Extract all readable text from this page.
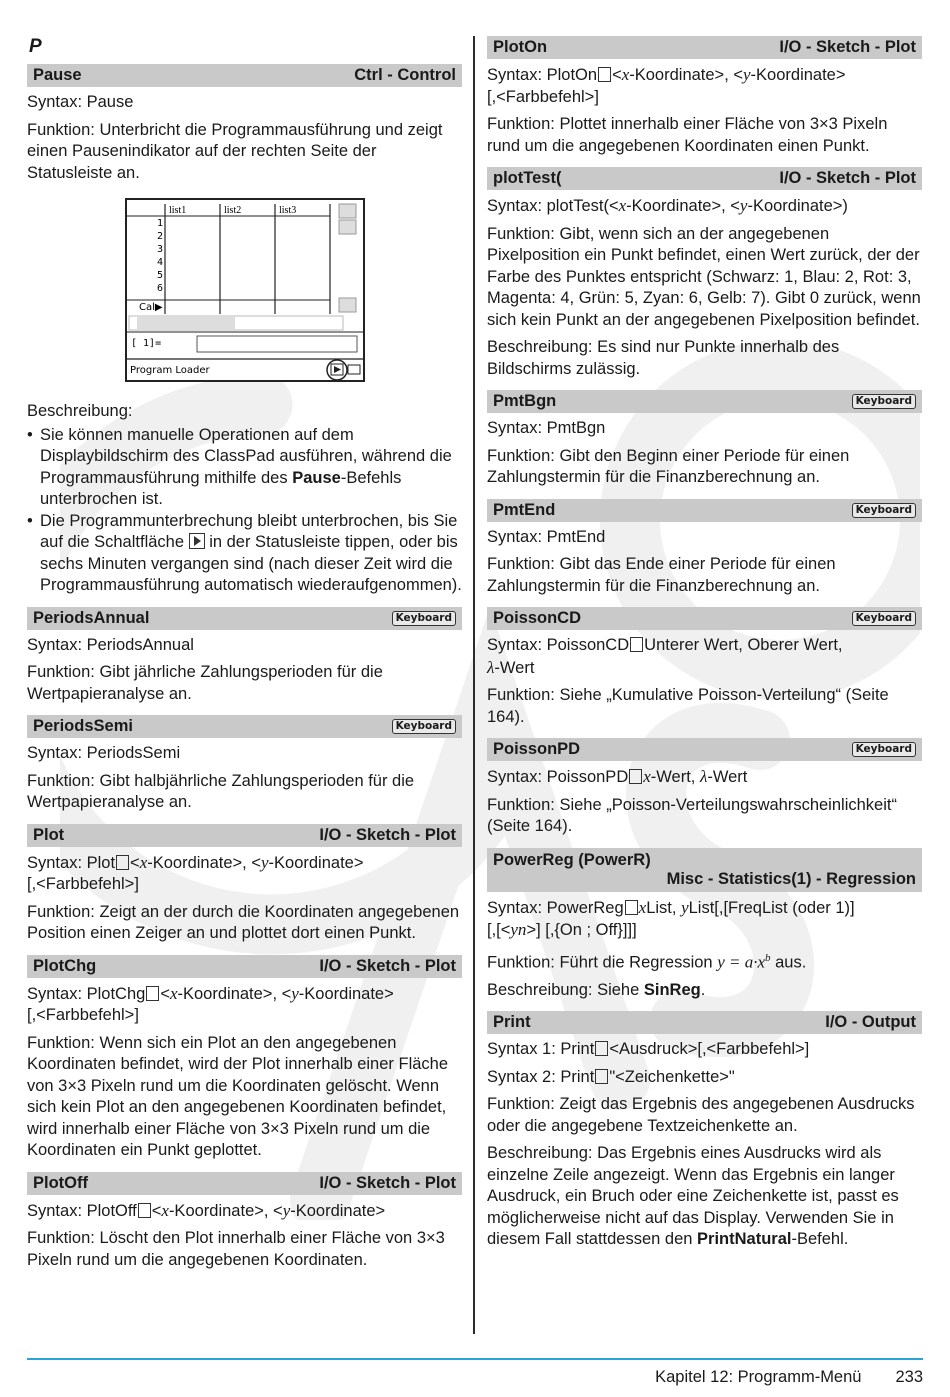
P
Pause	Ctrl - Control

Syntax: Pause

Funktion: Unterbricht die Programmausführung und zeigt einen Pausenindikator auf der rechten Seite der Statusleiste an.

list1	list2	list3
1
2
3
4
5
6
Cal▶
[ 1]=
Program Loader

Beschreibung:

• Sie können manuelle Operationen auf dem Displaybildschirm des ClassPad ausführen, während die Programmausführung mithilfe des Pause-Befehls unterbrochen ist.
• Die Programmunterbrechung bleibt unterbrochen, bis Sie auf die Schaltfläche in der Statusleiste tippen, oder bis sechs Minuten vergangen sind (nach dieser Zeit wird die Programmausführung automatisch wiederaufgenommen).
PeriodsAnnual	Keyboard

Syntax: PeriodsAnnual

Funktion: Gibt jährliche Zahlungsperioden für die Wertpapieranalyse an.

PeriodsSemi	Keyboard

Syntax: PeriodsSemi

Funktion: Gibt halbjährliche Zahlungsperioden für die Wertpapieranalyse an.

Plot	I/O - Sketch - Plot

Syntax: Plot <x-Koordinate>, <y-Koordinate>
[,<Farbbefehl>]

Funktion: Zeigt an der durch die Koordinaten angegebenen Position einen Zeiger an und plottet dort einen Punkt.

PlotChg	I/O - Sketch - Plot

Syntax: PlotChg <x-Koordinate>, <y-Koordinate>
[,<Farbbefehl>]

Funktion: Wenn sich ein Plot an den angegebenen Koordinaten befindet, wird der Plot innerhalb einer Fläche von 3×3 Pixeln rund um die Koordinaten gelöscht. Wenn sich kein Plot an den angegebenen Koordinaten befindet, wird innerhalb einer Fläche von 3×3 Pixeln rund um die Koordinaten ein Punkt geplottet.

PlotOff	I/O - Sketch - Plot

Syntax: PlotOff <x-Koordinate>, <y-Koordinate>

Funktion: Löscht den Plot innerhalb einer Fläche von 3×3 Pixeln rund um die angegebenen Koordinaten.

PlotOn	I/O - Sketch - Plot

Syntax: PlotOn <x-Koordinate>, <y-Koordinate>
[,<Farbbefehl>]

Funktion: Plottet innerhalb einer Fläche von 3×3 Pixeln rund um die angegebenen Koordinaten einen Punkt.

plotTest(	I/O - Sketch - Plot

Syntax: plotTest(<x-Koordinate>, <y-Koordinate>)

Funktion: Gibt, wenn sich an der angegebenen Pixelposition ein Punkt befindet, einen Wert zurück, der der Farbe des Punktes entspricht (Schwarz: 1, Blau: 2, Rot: 3, Magenta: 4, Grün: 5, Zyan: 6, Gelb: 7). Gibt 0 zurück, wenn sich kein Punkt an der angegebenen Pixelposition befindet.

Beschreibung: Es sind nur Punkte innerhalb des Bildschirms zulässig.

PmtBgn	Keyboard

Syntax: PmtBgn

Funktion: Gibt den Beginn einer Periode für einen Zahlungstermin für die Finanzberechnung an.

PmtEnd	Keyboard

Syntax: PmtEnd

Funktion: Gibt das Ende einer Periode für einen Zahlungstermin für die Finanzberechnung an.

PoissonCD	Keyboard

Syntax: PoissonCD Unterer Wert, Oberer Wert,
λ-Wert

Funktion: Siehe „Kumulative Poisson-Verteilung“ (Seite 164).

PoissonPD	Keyboard

Syntax: PoissonPD x-Wert, λ-Wert

Funktion: Siehe „Poisson-Verteilungswahrscheinlichkeit“ (Seite 164).

PowerReg (PowerR)
Misc - Statistics(1) - Regression

Syntax: PowerReg xList, yList[,[FreqList (oder 1)]
[,[<yn>] [,{On ; Off}]]]

Funktion: Führt die Regression $y = a\cdot x^b$ aus.

Beschreibung: Siehe SinReg.

Print	I/O - Output

Syntax 1: Print <Ausdruck>[,<Farbbefehl>]

Syntax 2: Print "<Zeichenkette>"

Funktion: Zeigt das Ergebnis des angegebenen Ausdrucks oder die angegebene Textzeichenkette an.

Beschreibung: Das Ergebnis eines Ausdrucks wird als einzelne Zeile angezeigt. Wenn das Ergebnis ein langer Ausdruck, ein Bruch oder eine Zeichenkette ist, passt es möglicherweise nicht auf das Display. Verwenden Sie in diesem Fall stattdessen den PrintNatural-Befehl.

Kapitel 12: Programm-Menü 233
